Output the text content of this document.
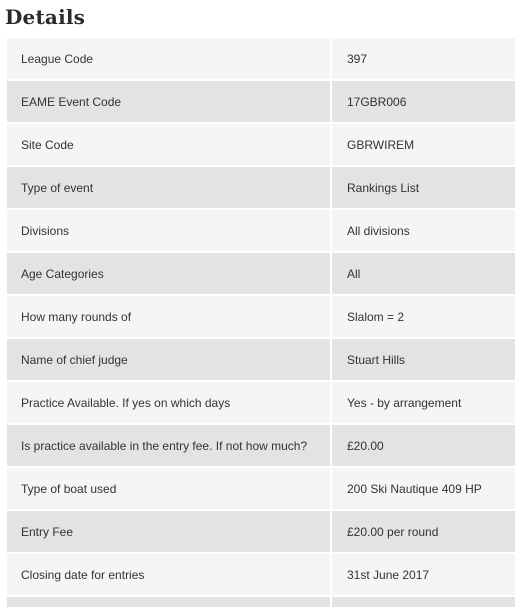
Details
League Code	397
EAME Event Code	17GBR006
Site Code	GBRWIREM
Type of event	Rankings List
Divisions	All divisions
Age Categories	All
How many rounds of	Slalom = 2
Name of chief judge	Stuart Hills
Practice Available. If yes on which days	Yes - by arrangement
Is practice available in the entry fee. If not how much?	£20.00
Type of boat used	200 Ski Nautique 409 HP
Entry Fee	£20.00 per round
Closing date for entries	31st June 2017
